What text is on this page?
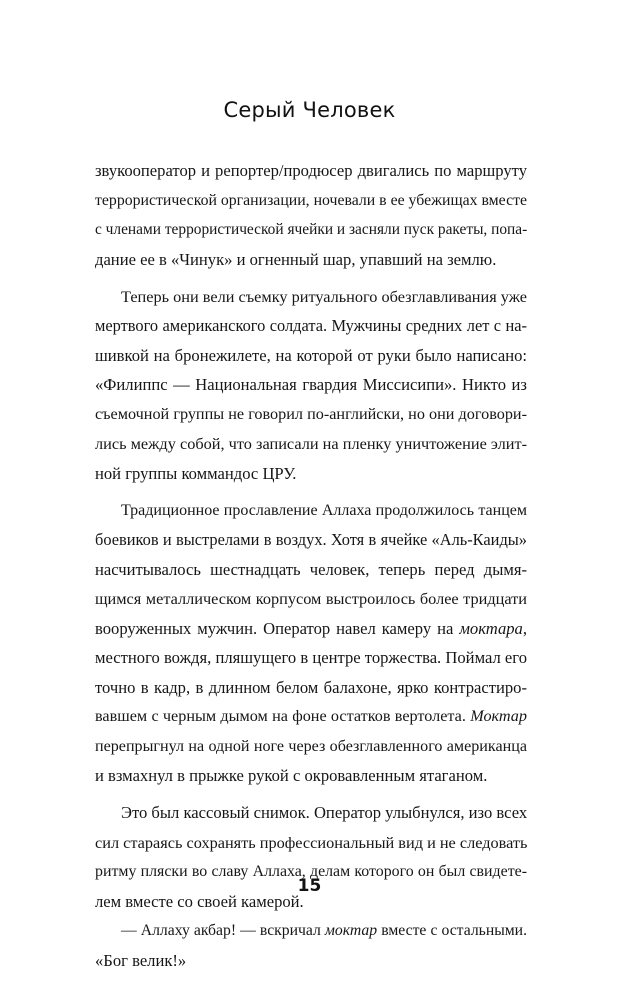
Серый Человек
звукооператор и репортер/продюсер двигались по маршруту
террористической организации, ночевали в ее убежищах вместе
с членами террористической ячейки и засняли пуск ракеты, попа-
дание ее в «Чинук» и огненный шар, упавший на землю.
Теперь они вели съемку ритуального обезглавливания уже
мертвого американского солдата. Мужчины средних лет с на-
шивкой на бронежилете, на которой от руки было написано:
«Филиппс — Национальная гвардия Миссисипи». Никто из
съемочной группы не говорил по-английски, но они договори-
лись между собой, что записали на пленку уничтожение элит-
ной группы коммандос ЦРУ.
Традиционное прославление Аллаха продолжилось танцем
боевиков и выстрелами в воздух. Хотя в ячейке «Аль-Каиды»
насчитывалось шестнадцать человек, теперь перед дымя-
щимся металлическом корпусом выстроилось более тридцати
вооруженных мужчин. Оператор навел камеру на моктара,
местного вождя, пляшущего в центре торжества. Поймал его
точно в кадр, в длинном белом балахоне, ярко контрастиро-
вавшем с черным дымом на фоне остатков вертолета. Моктар
перепрыгнул на одной ноге через обезглавленного американца
и взмахнул в прыжке рукой с окровавленным ятаганом.
Это был кассовый снимок. Оператор улыбнулся, изо всех
сил стараясь сохранять профессиональный вид и не следовать
ритму пляски во славу Аллаха, делам которого он был свидете-
лем вместе со своей камерой.
— Аллаху акбар! — вскричал моктар вместе с остальными.
«Бог велик!»
15
